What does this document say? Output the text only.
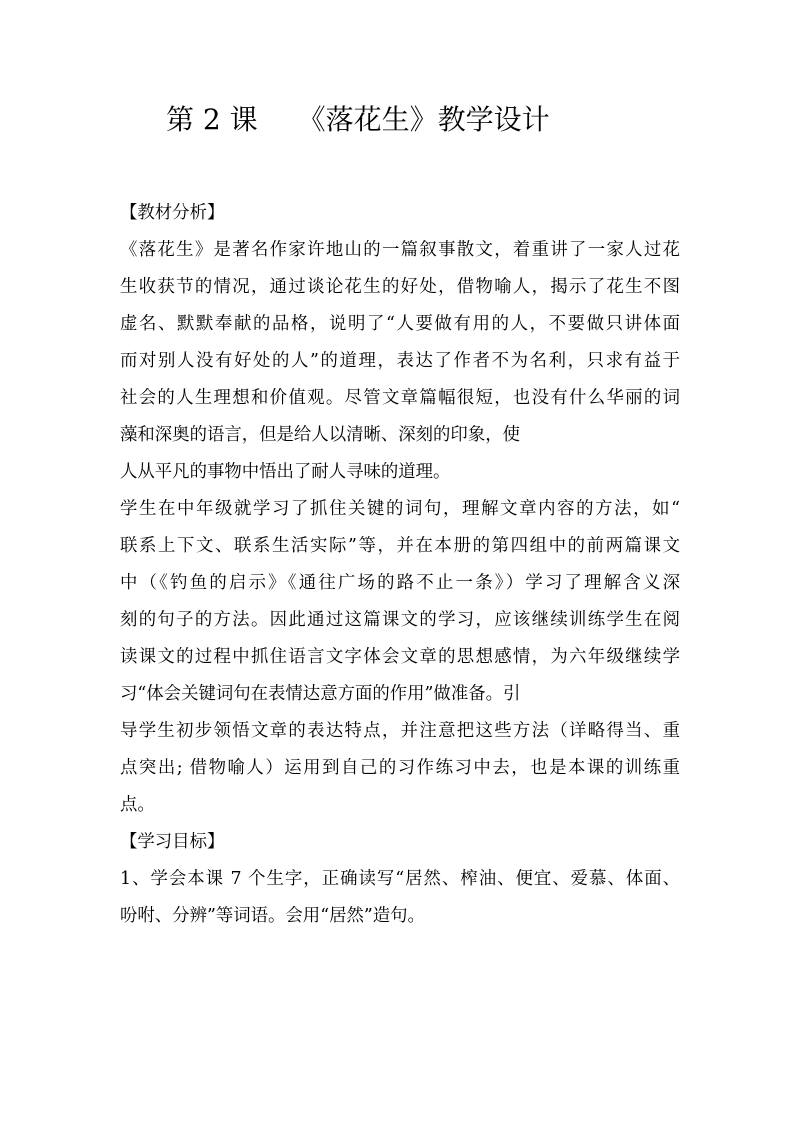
第 2 课 《落花生》教学设计
【教材分析】
《落花生》是著名作家许地山的一篇叙事散文，着重讲了一家人过花
生收获节的情况，通过谈论花生的好处，借物喻人，揭示了花生不图
虚名、默默奉献的品格，说明了“人要做有用的人，不要做只讲体面
而对别人没有好处的人”的道理，表达了作者不为名利，只求有益于
社会的人生理想和价值观。尽管文章篇幅很短，也没有什么华丽的词
藻和深奥的语言，但是给人以清晰、深刻的印象，使
人从平凡的事物中悟出了耐人寻味的道理。
学生在中年级就学习了抓住关键的词句，理解文章内容的方法，如“
联系上下文、联系生活实际”等，并在本册的第四组中的前两篇课文
中（《钓鱼的启示》《通往广场的路不止一条》）学习了理解含义深
刻的句子的方法。因此通过这篇课文的学习，应该继续训练学生在阅
读课文的过程中抓住语言文字体会文章的思想感情，为六年级继续学
习“体会关键词句在表情达意方面的作用”做准备。引
导学生初步领悟文章的表达特点，并注意把这些方法（详略得当、重
点突出; 借物喻人）运用到自己的习作练习中去，也是本课的训练重
点。
【学习目标】
1、学会本课 7 个生字，正确读写“居然、榨油、便宜、爱慕、体面、
吩咐、分辨”等词语。会用“居然”造句。
